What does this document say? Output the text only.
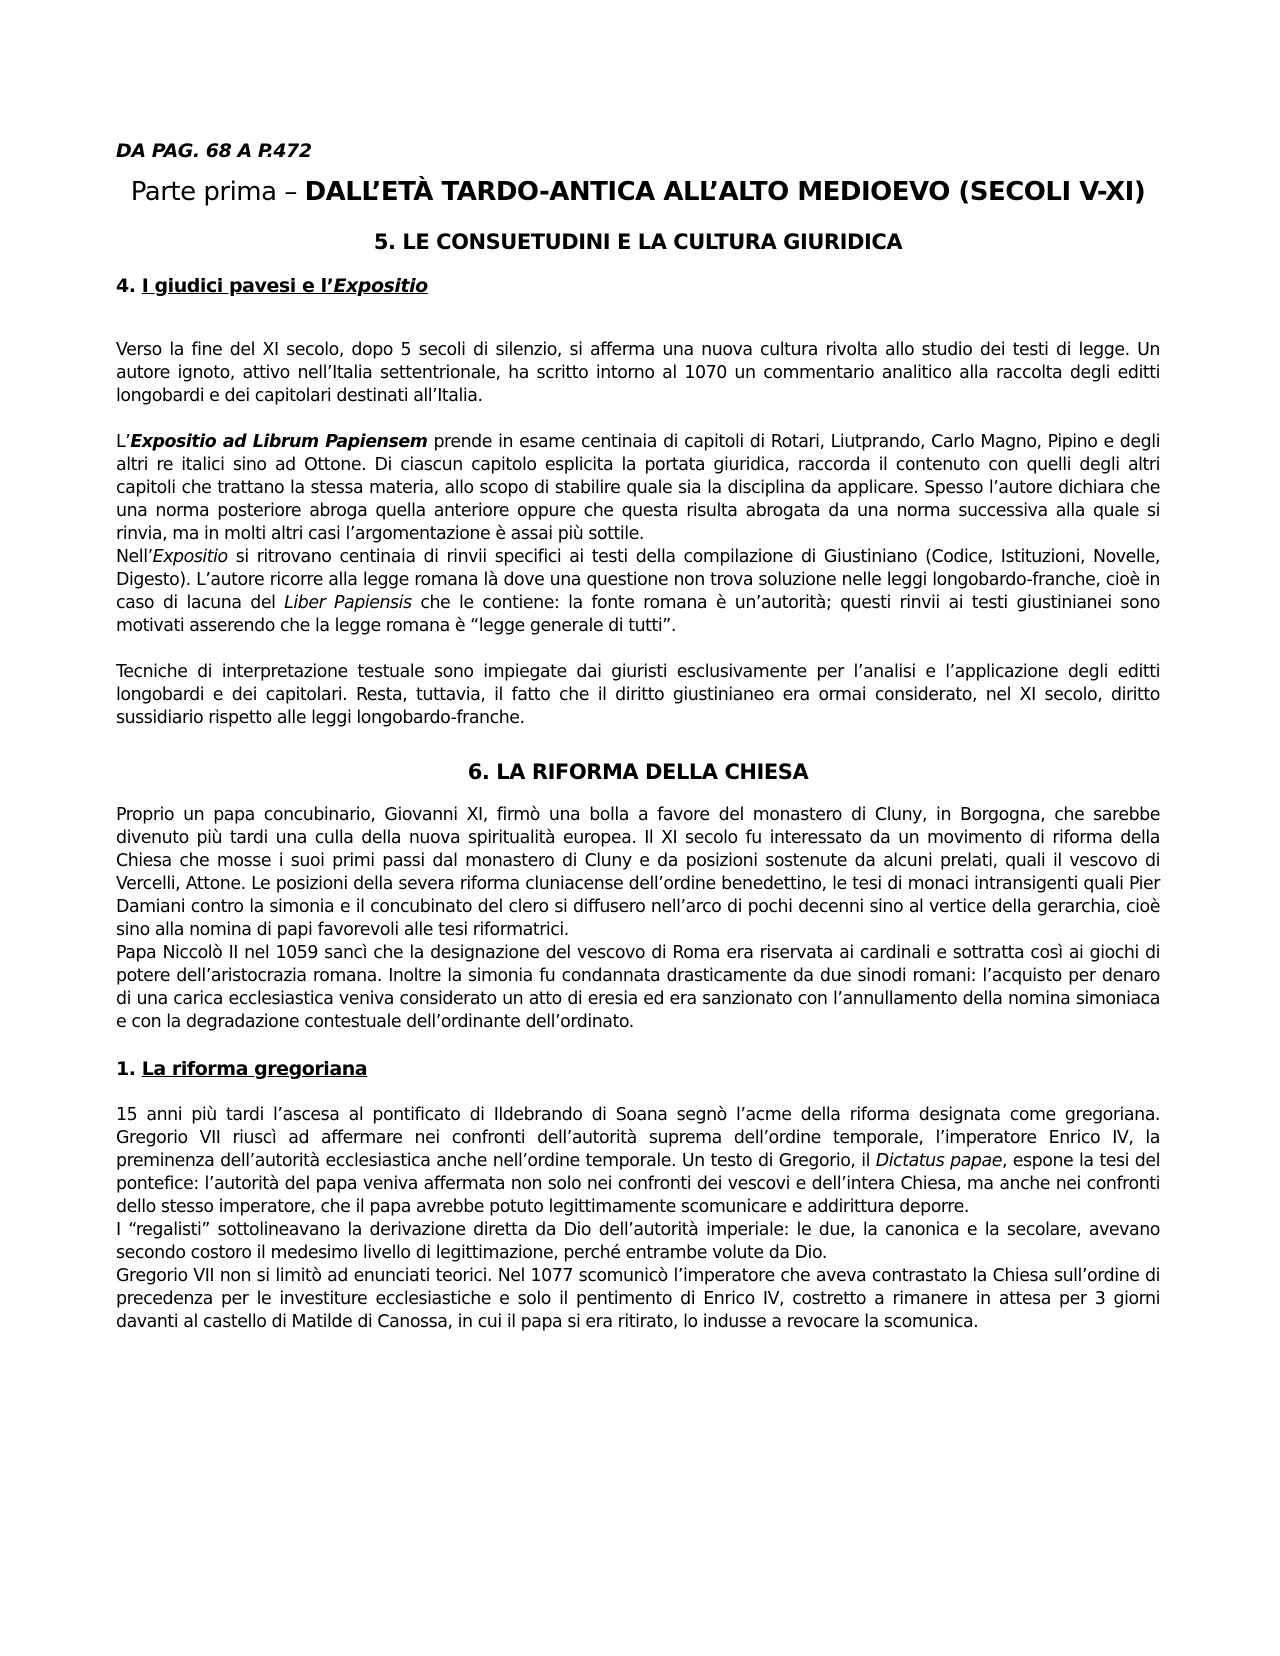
DA PAG. 68 A P.472
Parte prima – DALL’ETÀ TARDO-ANTICA ALL’ALTO MEDIOEVO (SECOLI V-XI)
5. LE CONSUETUDINI E LA CULTURA GIURIDICA
4. I giudici pavesi e l’Expositio

Verso la fine del XI secolo, dopo 5 secoli di silenzio, si afferma una nuova cultura rivolta allo studio dei testi di legge. Un autore ignoto, attivo nell’Italia settentrionale, ha scritto intorno al 1070 un commentario analitico alla raccolta degli editti longobardi e dei capitolari destinati all’Italia.

L’Expositio ad Librum Papiensem prende in esame centinaia di capitoli di Rotari, Liutprando, Carlo Magno, Pipino e degli altri re italici sino ad Ottone. Di ciascun capitolo esplicita la portata giuridica, raccorda il contenuto con quelli degli altri capitoli che trattano la stessa materia, allo scopo di stabilire quale sia la disciplina da applicare. Spesso l’autore dichiara che una norma posteriore abroga quella anteriore oppure che questa risulta abrogata da una norma successiva alla quale si rinvia, ma in molti altri casi l’argomentazione è assai più sottile.

Nell’Expositio si ritrovano centinaia di rinvii specifici ai testi della compilazione di Giustiniano (Codice, Istituzioni, Novelle, Digesto). L’autore ricorre alla legge romana là dove una questione non trova soluzione nelle leggi longobardo-franche, cioè in caso di lacuna del Liber Papiensis che le contiene: la fonte romana è un’autorità; questi rinvii ai testi giustinianei sono motivati asserendo che la legge romana è “legge generale di tutti”.

Tecniche di interpretazione testuale sono impiegate dai giuristi esclusivamente per l’analisi e l’applicazione degli editti longobardi e dei capitolari. Resta, tuttavia, il fatto che il diritto giustinianeo era ormai considerato, nel XI secolo, diritto sussidiario rispetto alle leggi longobardo-franche.

6. LA RIFORMA DELLA CHIESA

Proprio un papa concubinario, Giovanni XI, firmò una bolla a favore del monastero di Cluny, in Borgogna, che sarebbe divenuto più tardi una culla della nuova spiritualità europea. Il XI secolo fu interessato da un movimento di riforma della Chiesa che mosse i suoi primi passi dal monastero di Cluny e da posizioni sostenute da alcuni prelati, quali il vescovo di Vercelli, Attone. Le posizioni della severa riforma cluniacense dell’ordine benedettino, le tesi di monaci intransigenti quali Pier Damiani contro la simonia e il concubinato del clero si diffusero nell’arco di pochi decenni sino al vertice della gerarchia, cioè sino alla nomina di papi favorevoli alle tesi riformatrici.

Papa Niccolò II nel 1059 sancì che la designazione del vescovo di Roma era riservata ai cardinali e sottratta così ai giochi di potere dell’aristocrazia romana. Inoltre la simonia fu condannata drasticamente da due sinodi romani: l’acquisto per denaro di una carica ecclesiastica veniva considerato un atto di eresia ed era sanzionato con l’annullamento della nomina simoniaca e con la degradazione contestuale dell’ordinante dell’ordinato.

1. La riforma gregoriana

15 anni più tardi l’ascesa al pontificato di Ildebrando di Soana segnò l’acme della riforma designata come gregoriana. Gregorio VII riuscì ad affermare nei confronti dell’autorità suprema dell’ordine temporale, l’imperatore Enrico IV, la preminenza dell’autorità ecclesiastica anche nell’ordine temporale. Un testo di Gregorio, il Dictatus papae, espone la tesi del pontefice: l’autorità del papa veniva affermata non solo nei confronti dei vescovi e dell’intera Chiesa, ma anche nei confronti dello stesso imperatore, che il papa avrebbe potuto legittimamente scomunicare e addirittura deporre.

I “regalisti” sottolineavano la derivazione diretta da Dio dell’autorità imperiale: le due, la canonica e la secolare, avevano secondo costoro il medesimo livello di legittimazione, perché entrambe volute da Dio.

Gregorio VII non si limitò ad enunciati teorici. Nel 1077 scomunicò l’imperatore che aveva contrastato la Chiesa sull’ordine di precedenza per le investiture ecclesiastiche e solo il pentimento di Enrico IV, costretto a rimanere in attesa per 3 giorni davanti al castello di Matilde di Canossa, in cui il papa si era ritirato, lo indusse a revocare la scomunica.
